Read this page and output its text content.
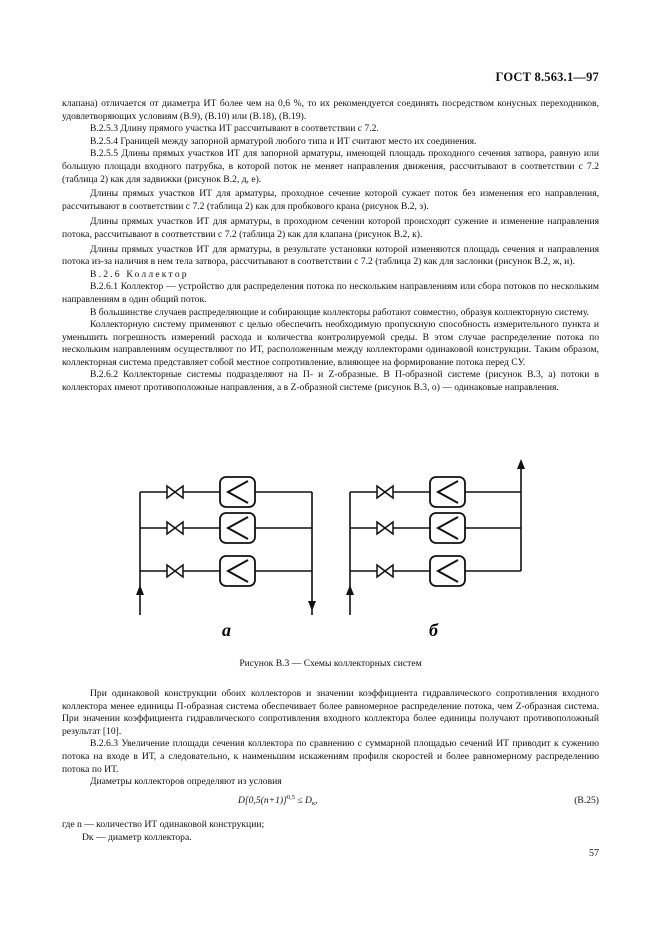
ГОСТ 8.563.1—97

клапана) отличается от диаметра ИТ более чем на 0,6 %, то их рекомендуется соединять посредством конусных переходников, удовлетворяющих условиям (В.9), (В.10) или (В.18), (В.19).

В.2.5.3 Длину прямого участка ИТ рассчитывают в соответствии с 7.2.

В.2.5.4 Границей между запорной арматурой любого типа и ИТ считают место их соединения.

В.2.5.5 Длины прямых участков ИТ для запорной арматуры, имеющей площадь проходного сечения затвора, равную или большую площади входного патрубка, в которой поток не меняет направления движения, рассчитывают в соответствии с 7.2 (таблица 2) как для задвижки (рисунок В.2, д, е).

Длины прямых участков ИТ для арматуры, проходное сечение которой сужает поток без изменения его направления, рассчитывают в соответствии с 7.2 (таблица 2) как для пробкового крана (рисунок В.2, з).

Длины прямых участков ИТ для арматуры, в проходном сечении которой происходят сужение и изменение направления потока, рассчитывают в соответствии с 7.2 (таблица 2) как для клапана (рисунок В.2, к).

Длины прямых участков ИТ для арматуры, в результате установки которой изменяются площадь сечения и направления потока из-за наличия в нем тела затвора, рассчитывают в соответствии с 7.2 (таблица 2) как для заслонки (рисунок В.2, ж, и).

В.2.6 Коллектор

В.2.6.1 Коллектор — устройство для распределения потока по нескольким направлениям или сбора потоков по нескольким направлениям в один общий поток.

В большинстве случаев распределяющие и собирающие коллекторы работают совместно, образуя коллекторную систему.

Коллекторную систему применяют с целью обеспечить необходимую пропускную способность измерительного пункта и уменьшить погрешность измерений расхода и количества контролируемой среды. В этом случае распределение потока по нескольким направлениям осуществляют по ИТ, расположенным между коллекторами одинаковой конструкции. Таким образом, коллекторная система представляет собой местное сопротивление, влияющее на формирование потока перед СУ.

В.2.6.2 Коллекторные системы подразделяют на П- и Z-образные. В П-образной системе (рисунок В.3, а) потоки в коллекторах имеют противоположные направления, а в Z-образной системе (рисунок В.3, о) — одинаковые направления.

а	б
Рисунок В.3 — Схемы коллекторных систем

При одинаковой конструкции обоих коллекторов и значении коэффициента гидравлического сопротивления входного коллектора менее единицы П-образная система обеспечивает более равномерное распределение потока, чем Z-образная система. При значении коэффициента гидравлического сопротивления входного коллектора более единицы получают противоположный результат [10].

В.2.6.3 Увеличение площади сечения коллектора по сравнению с суммарной площадью сечений ИТ приводит к сужению потока на входе в ИТ, а следовательно, к наименьшим искажениям профиля скоростей и более равномерному распределению потока по ИТ.

Диаметры коллекторов определяют из условия

$D[0,5(n+1)]^{0,5} \le D_к$,	(В.25)
где n — количество ИТ одинаковой конструкции;
Dк — диаметр коллектора.
57
